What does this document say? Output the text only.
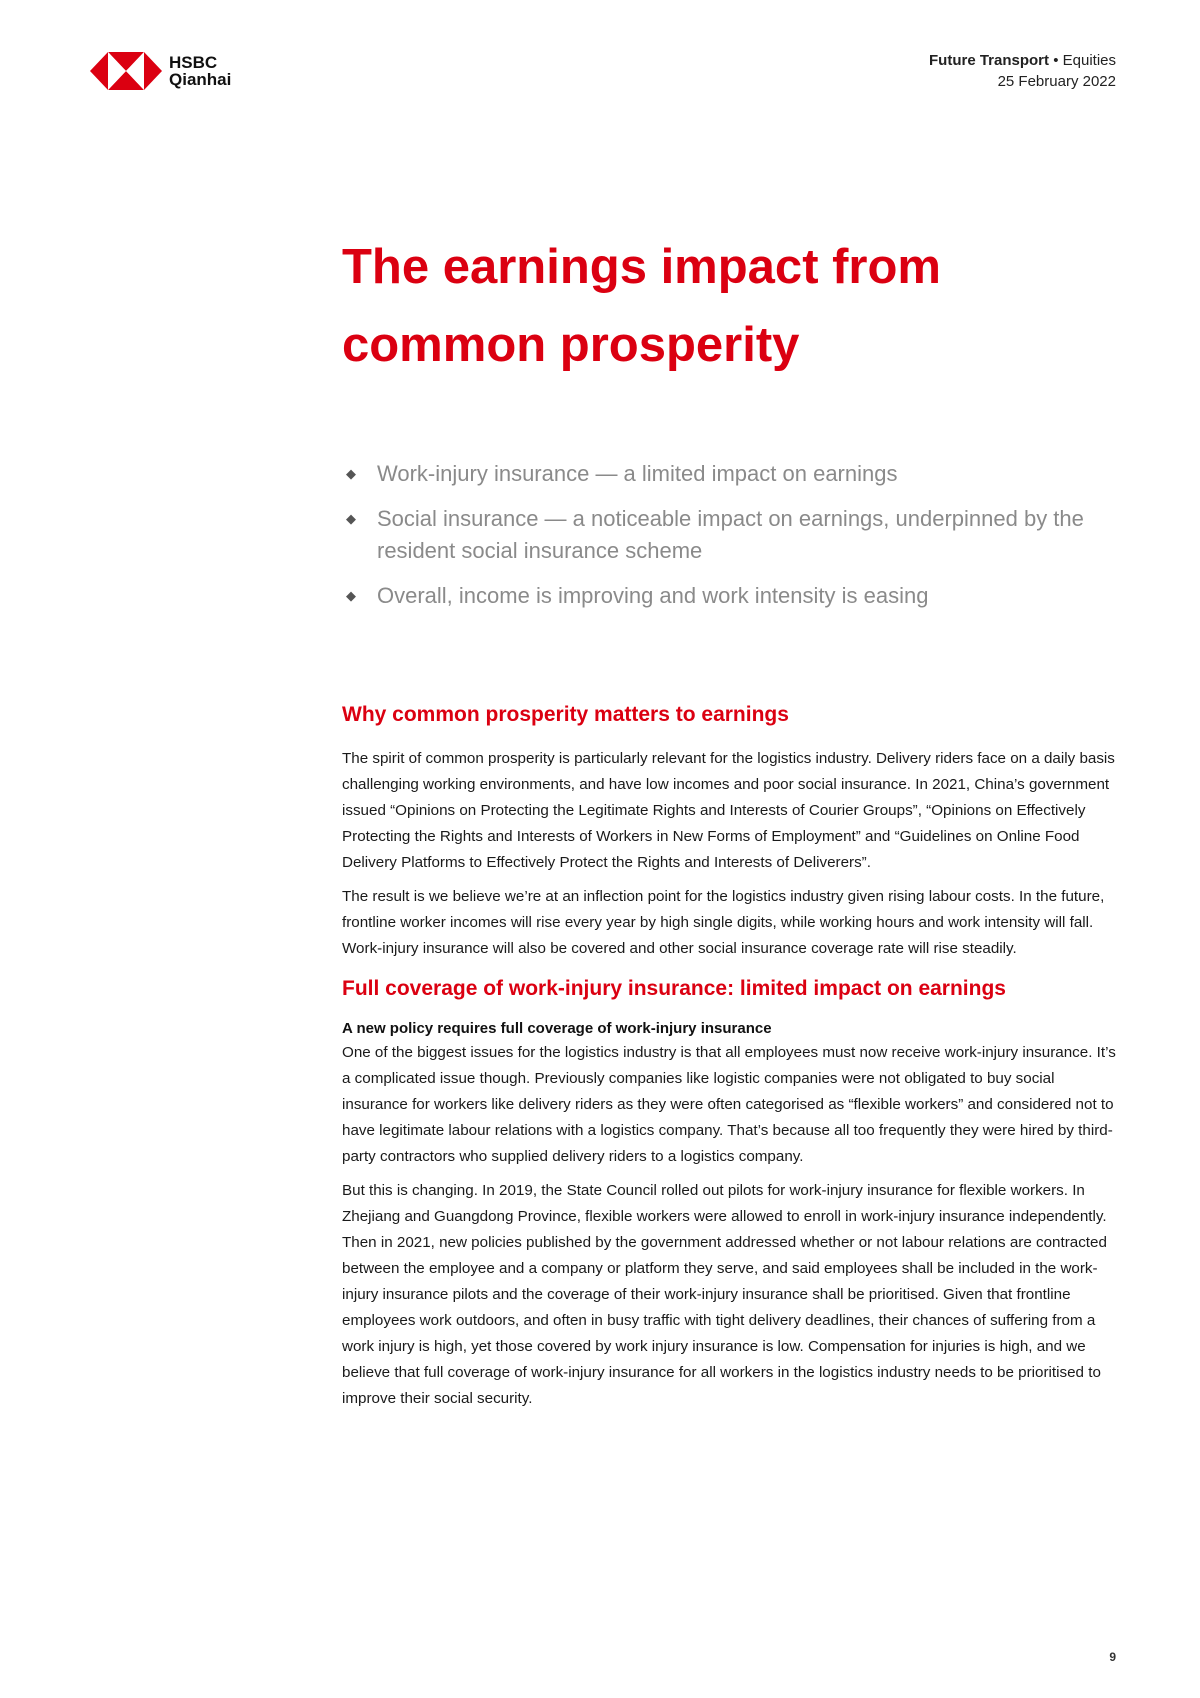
HSBC
Qianhai
Future Transport • Equities
25 February 2022
The earnings impact from
common prosperity
◆ Work-injury insurance — a limited impact on earnings
◆ Social insurance — a noticeable impact on earnings, underpinned by the resident social insurance scheme
◆ Overall, income is improving and work intensity is easing
Why common prosperity matters to earnings

The spirit of common prosperity is particularly relevant for the logistics industry. Delivery riders face on a daily basis challenging working environments, and have low incomes and poor social insurance. In 2021, China’s government issued “Opinions on Protecting the Legitimate Rights and Interests of Courier Groups”, “Opinions on Effectively Protecting the Rights and Interests of Workers in New Forms of Employment” and “Guidelines on Online Food Delivery Platforms to Effectively Protect the Rights and Interests of Deliverers”.

The result is we believe we’re at an inflection point for the logistics industry given rising labour costs. In the future, frontline worker incomes will rise every year by high single digits, while working hours and work intensity will fall. Work-injury insurance will also be covered and other social insurance coverage rate will rise steadily.

Full coverage of work-injury insurance: limited impact on earnings

A new policy requires full coverage of work-injury insurance

One of the biggest issues for the logistics industry is that all employees must now receive work-injury insurance. It’s a complicated issue though. Previously companies like logistic companies were not obligated to buy social insurance for workers like delivery riders as they were often categorised as “flexible workers” and considered not to have legitimate labour relations with a logistics company. That’s because all too frequently they were hired by third-party contractors who supplied delivery riders to a logistics company.

But this is changing. In 2019, the State Council rolled out pilots for work-injury insurance for flexible workers. In Zhejiang and Guangdong Province, flexible workers were allowed to enroll in work-injury insurance independently. Then in 2021, new policies published by the government addressed whether or not labour relations are contracted between the employee and a company or platform they serve, and said employees shall be included in the work-injury insurance pilots and the coverage of their work-injury insurance shall be prioritised. Given that frontline employees work outdoors, and often in busy traffic with tight delivery deadlines, their chances of suffering from a work injury is high, yet those covered by work injury insurance is low. Compensation for injuries is high, and we believe that full coverage of work-injury insurance for all workers in the logistics industry needs to be prioritised to improve their social security.

9
